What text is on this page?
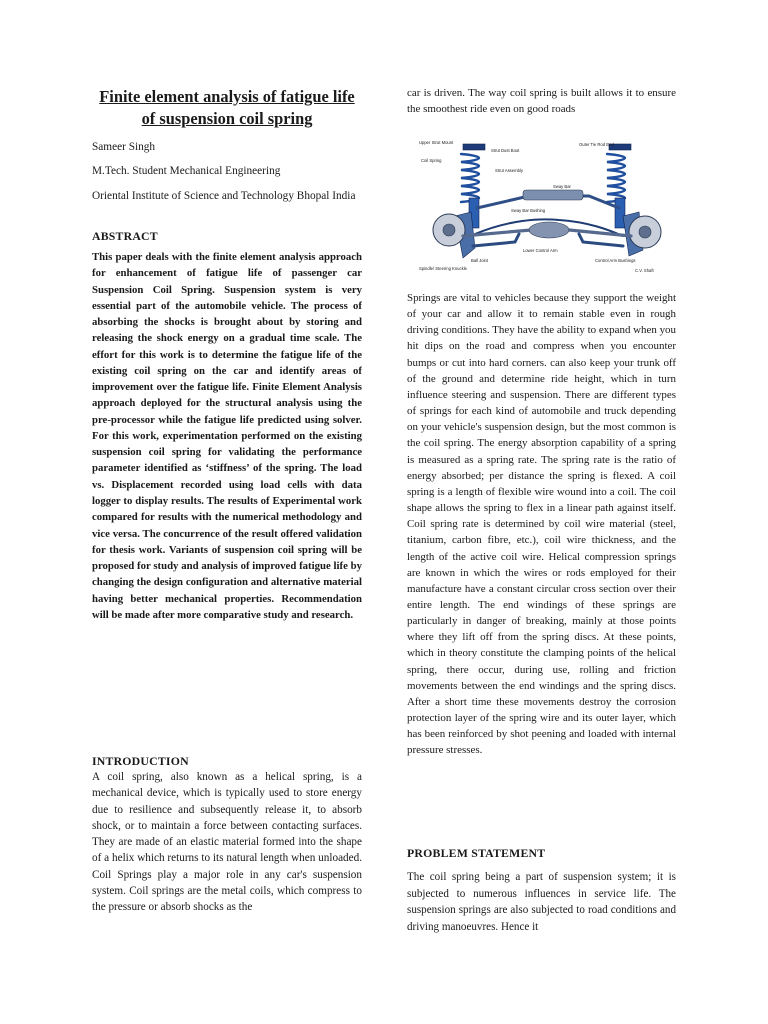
Finite element analysis of fatigue life of suspension coil spring

Sameer Singh

M.Tech. Student Mechanical Engineering

Oriental Institute of Science and Technology Bhopal India

ABSTRACT

This paper deals with the finite element analysis approach for enhancement of fatigue life of passenger car Suspension Coil Spring. Suspension system is very essential part of the automobile vehicle. The process of absorbing the shocks is brought about by storing and releasing the shock energy on a gradual time scale. The effort for this work is to determine the fatigue life of the existing coil spring on the car and identify areas of improvement over the fatigue life. Finite Element Analysis approach deployed for the structural analysis using the pre-processor while the fatigue life predicted using solver. For this work, experimentation performed on the existing suspension coil spring for validating the performance parameter identified as ‘stiffness’ of the spring. The load vs. Displacement recorded using load cells with data logger to display results. The results of Experimental work compared for results with the numerical methodology and vice versa. The concurrence of the result offered validation for thesis work. Variants of suspension coil spring will be proposed for study and analysis of improved fatigue life by changing the design configuration and alternative material having better mechanical properties. Recommendation will be made after more comparative study and research.

INTRODUCTION

A coil spring, also known as a helical spring, is a mechanical device, which is typically used to store energy due to resilience and subsequently release it, to absorb shock, or to maintain a force between contacting surfaces. They are made of an elastic material formed into the shape of a helix which returns to its natural length when unloaded. Coil Springs play a major role in any car's suspension system. Coil springs are the metal coils, which compress to the pressure or absorb shocks as the

car is driven. The way coil spring is built allows it to ensure the smoothest ride even on good roads

Upper Strut Mount
Coil Spring
Strut Dust Boot
Strut Assembly
Outer Tie Rod End
Sway Bar
Sway Bar Bushing
Lower Control Arm
Control Arm Bushings
Ball Joint
C.V. Shaft
Spindle/ Steering Knuckle

Springs are vital to vehicles because they support the weight of your car and allow it to remain stable even in rough driving conditions. They have the ability to expand when you hit dips on the road and compress when you encounter bumps or cut into hard corners. can also keep your trunk off of the ground and determine ride height, which in turn influence steering and suspension. There are different types of springs for each kind of automobile and truck depending on your vehicle's suspension design, but the most common is the coil spring. The energy absorption capability of a spring is measured as a spring rate. The spring rate is the ratio of energy absorbed; per distance the spring is flexed. A coil spring is a length of flexible wire wound into a coil. The coil shape allows the spring to flex in a linear path against itself. Coil spring rate is determined by coil wire material (steel, titanium, carbon fibre, etc.), coil wire thickness, and the length of the active coil wire. Helical compression springs are known in which the wires or rods employed for their manufacture have a constant circular cross section over their entire length. The end windings of these springs are particularly in danger of breaking, mainly at those points where they lift off from the spring discs. At these points, which in theory constitute the clamping points of the helical spring, there occur, during use, rolling and friction movements between the end windings and the spring discs. After a short time these movements destroy the corrosion protection layer of the spring wire and its outer layer, which has been reinforced by shot peening and loaded with internal pressure stresses.

PROBLEM STATEMENT

The coil spring being a part of suspension system; it is subjected to numerous influences in service life. The suspension springs are also subjected to road conditions and driving manoeuvres. Hence it
